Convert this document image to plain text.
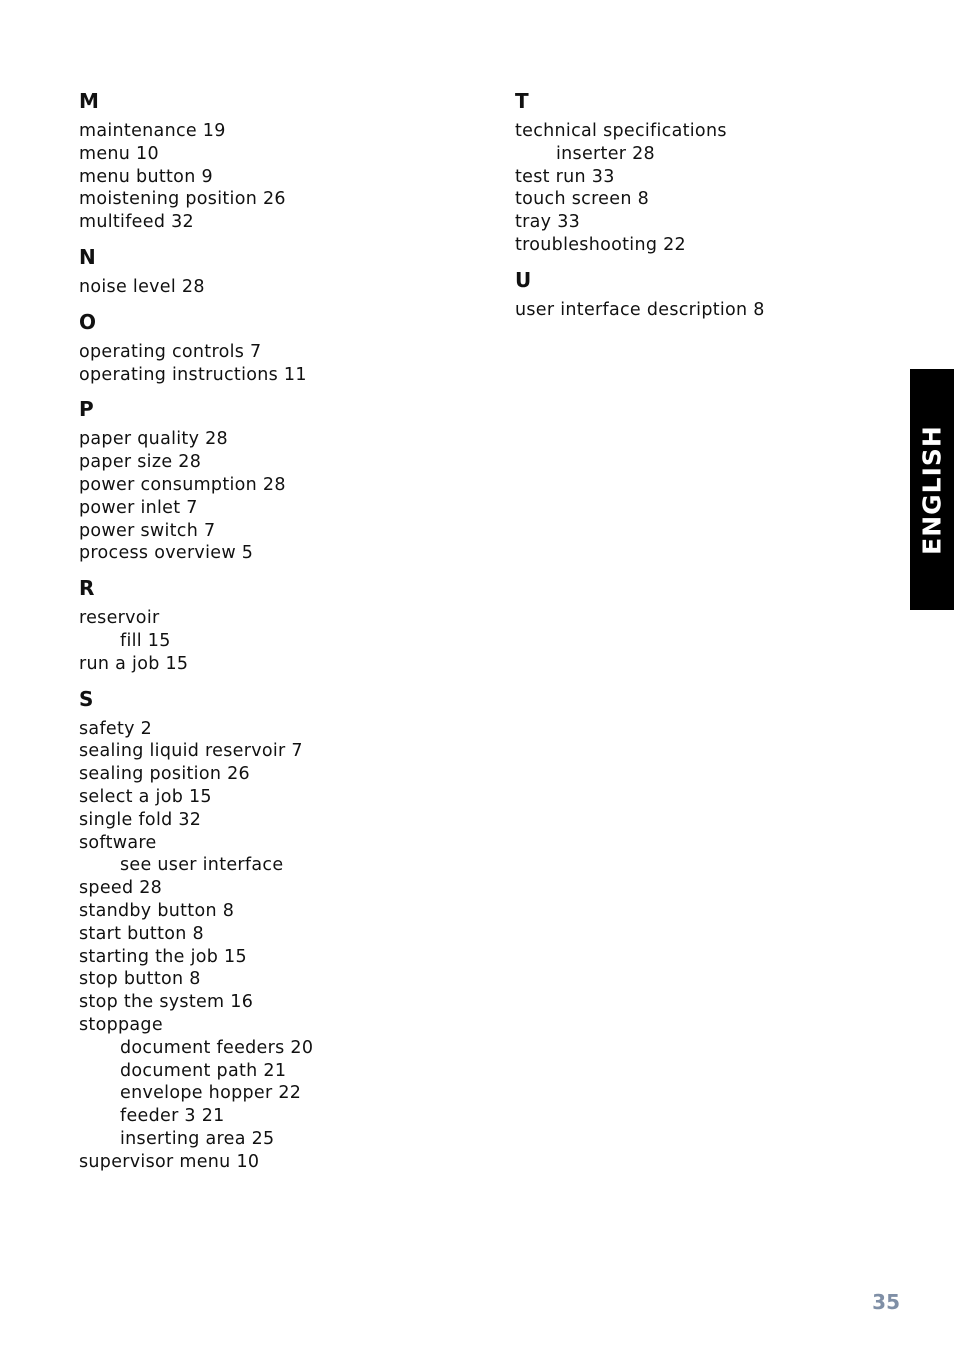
M
maintenance 19
menu 10
menu button 9
moistening position 26
multifeed 32
N
noise level 28
O
operating controls 7
operating instructions 11
P
paper quality 28
paper size 28
power consumption 28
power inlet 7
power switch 7
process overview 5
R
reservoir
fill 15
run a job 15
S
safety 2
sealing liquid reservoir 7
sealing position 26
select a job 15
single fold 32
software
see user interface
speed 28
standby button 8
start button 8
starting the job 15
stop button 8
stop the system 16
stoppage
document feeders 20
document path 21
envelope hopper 22
feeder 3 21
inserting area 25
supervisor menu 10
T
technical specifications
inserter 28
test run 33
touch screen 8
tray 33
troubleshooting 22
U
user interface description 8
ENGLISH
35
